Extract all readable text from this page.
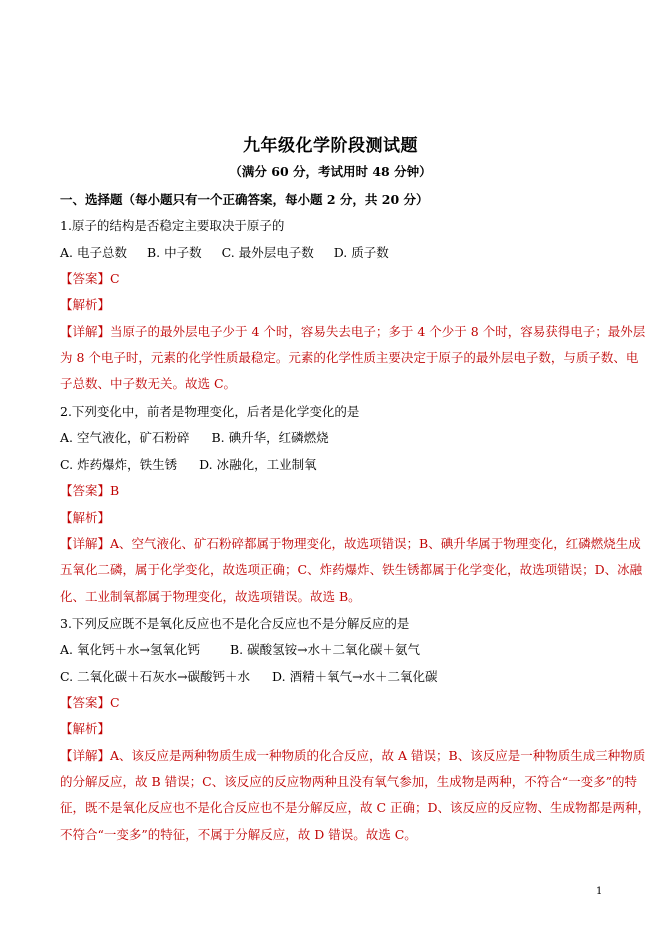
九年级化学阶段测试题
（满分 60 分，考试用时 48 分钟）
一、选择题（每小题只有一个正确答案，每小题 2 分，共 20 分）
1.原子的结构是否稳定主要取决于原子的
A. 电子总数 B. 中子数 C. 最外层电子数 D. 质子数
【答案】C
【解析】
【详解】当原子的最外层电子少于 4 个时，容易失去电子；多于 4 个少于 8 个时，容易获得电子；最外层
为 8 个电子时，元素的化学性质最稳定。元素的化学性质主要决定于原子的最外层电子数，与质子数、电
子总数、中子数无关。故选 C。
2.下列变化中，前者是物理变化，后者是化学变化的是
A. 空气液化，矿石粉碎 B. 碘升华，红磷燃烧
C. 炸药爆炸，铁生锈 D. 冰融化，工业制氧
【答案】B
【解析】
【详解】A、空气液化、矿石粉碎都属于物理变化，故选项错误；B、碘升华属于物理变化，红磷燃烧生成
五氧化二磷，属于化学变化，故选项正确；C、炸药爆炸、铁生锈都属于化学变化，故选项错误；D、冰融
化、工业制氧都属于物理变化，故选项错误。故选 B。
3.下列反应既不是氧化反应也不是化合反应也不是分解反应的是
A. 氧化钙＋水→氢氧化钙 B. 碳酸氢铵→水＋二氧化碳＋氨气
C. 二氧化碳＋石灰水→碳酸钙＋水 D. 酒精＋氧气→水＋二氧化碳
【答案】C
【解析】
【详解】A、该反应是两种物质生成一种物质的化合反应，故 A 错误；B、该反应是一种物质生成三种物质
的分解反应，故 B 错误；C、该反应的反应物两种且没有氧气参加，生成物是两种，不符合“一变多”的特
征，既不是氧化反应也不是化合反应也不是分解反应，故 C 正确；D、该反应的反应物、生成物都是两种，
不符合“一变多”的特征，不属于分解反应，故 D 错误。故选 C。
1
